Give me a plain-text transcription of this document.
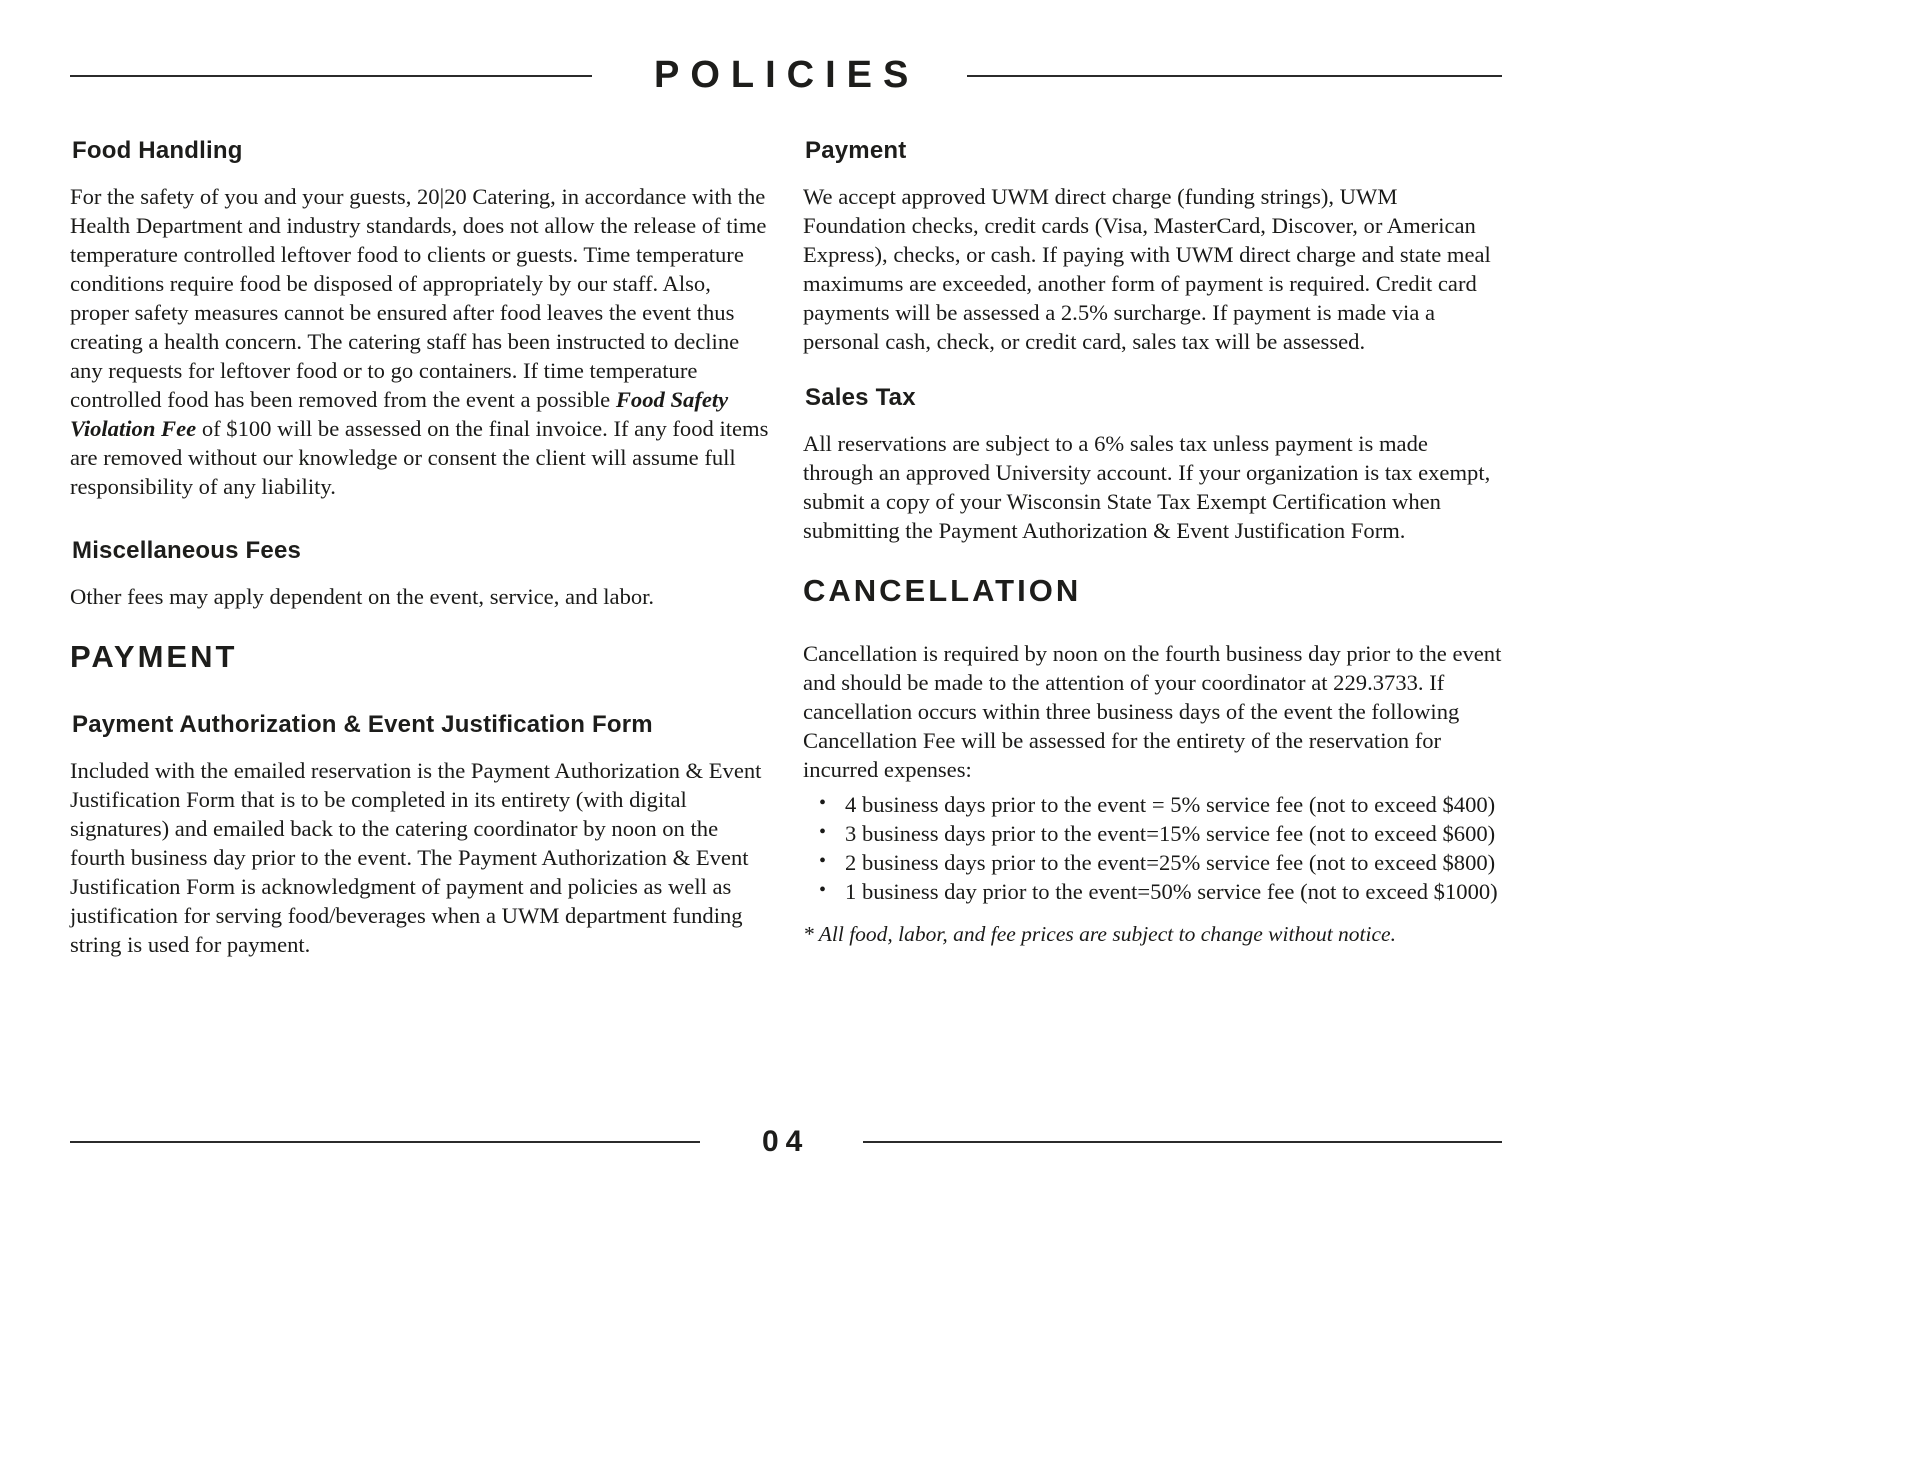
POLICIES
Food Handling

For the safety of you and your guests, 20|20 Catering, in accordance with the Health Department and industry standards, does not allow the release of time temperature controlled leftover food to clients or guests. Time temperature conditions require food be disposed of appropriately by our staff. Also, proper safety measures cannot be ensured after food leaves the event thus creating a health concern. The catering staff has been instructed to decline any requests for leftover food or to go containers. If time temperature controlled food has been removed from the event a possible Food Safety Violation Fee of $100 will be assessed on the final invoice. If any food items are removed without our knowledge or consent the client will assume full responsibility of any liability.

Miscellaneous Fees

Other fees may apply dependent on the event, service, and labor.

PAYMENT
Payment Authorization & Event Justification Form

Included with the emailed reservation is the Payment Authorization & Event Justification Form that is to be completed in its entirety (with digital signatures) and emailed back to the catering coordinator by noon on the fourth business day prior to the event. The Payment Authorization & Event Justification Form is acknowledgment of payment and policies as well as justification for serving food/beverages when a UWM department funding string is used for payment.

Payment

We accept approved UWM direct charge (funding strings), UWM Foundation checks, credit cards (Visa, MasterCard, Discover, or American Express), checks, or cash. If paying with UWM direct charge and state meal maximums are exceeded, another form of payment is required. Credit card payments will be assessed a 2.5% surcharge. If payment is made via a personal cash, check, or credit card, sales tax will be assessed.

Sales Tax

All reservations are subject to a 6% sales tax unless payment is made through an approved University account. If your organization is tax exempt, submit a copy of your Wisconsin State Tax Exempt Certification when submitting the Payment Authorization & Event Justification Form.

CANCELLATION

Cancellation is required by noon on the fourth business day prior to the event and should be made to the attention of your coordinator at 229.3733. If cancellation occurs within three business days of the event the following Cancellation Fee will be assessed for the entirety of the reservation for incurred expenses:

• 4 business days prior to the event = 5% service fee (not to exceed $400)
• 3 business days prior to the event=15% service fee (not to exceed $600)
• 2 business days prior to the event=25% service fee (not to exceed $800)
• 1 business day prior to the event=50% service fee (not to exceed $1000)

* All food, labor, and fee prices are subject to change without notice.

04
